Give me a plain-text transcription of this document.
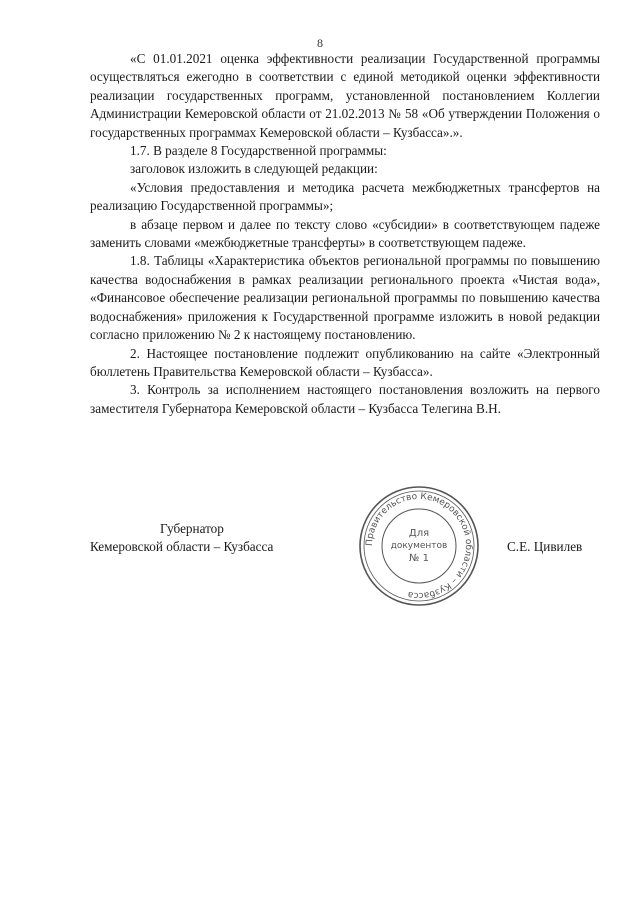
8

«С 01.01.2021 оценка эффективности реализации Государственной программы осуществляться ежегодно в соответствии с единой методикой оценки эффективности реализации государственных программ, установленной постановлением Коллегии Администрации Кемеровской области от 21.02.2013 № 58 «Об утверждении Положения о государственных программах Кемеровской области – Кузбасса».».

1.7. В разделе 8 Государственной программы:

заголовок изложить в следующей редакции:

«Условия предоставления и методика расчета межбюджетных трансфертов на реализацию Государственной программы»;

в абзаце первом и далее по тексту слово «субсидии» в соответствующем падеже заменить словами «межбюджетные трансферты» в соответствующем падеже.

1.8. Таблицы «Характеристика объектов региональной программы по повышению качества водоснабжения в рамках реализации регионального проекта «Чистая вода», «Финансовое обеспечение реализации региональной программы по повышению качества водоснабжения» приложения к Государственной программе изложить в новой редакции согласно приложению № 2 к настоящему постановлению.

2. Настоящее постановление подлежит опубликованию на сайте «Электронный бюллетень Правительства Кемеровской области – Кузбасса».

3. Контроль за исполнением настоящего постановления возложить на первого заместителя Губернатора Кемеровской области – Кузбасса Телегина В.Н.

Губернатор
Кемеровской области – Кузбасса	Правительство Кемеровской области – Кузбасса
Для
документов
№ 1
С.Е. Цивилев
